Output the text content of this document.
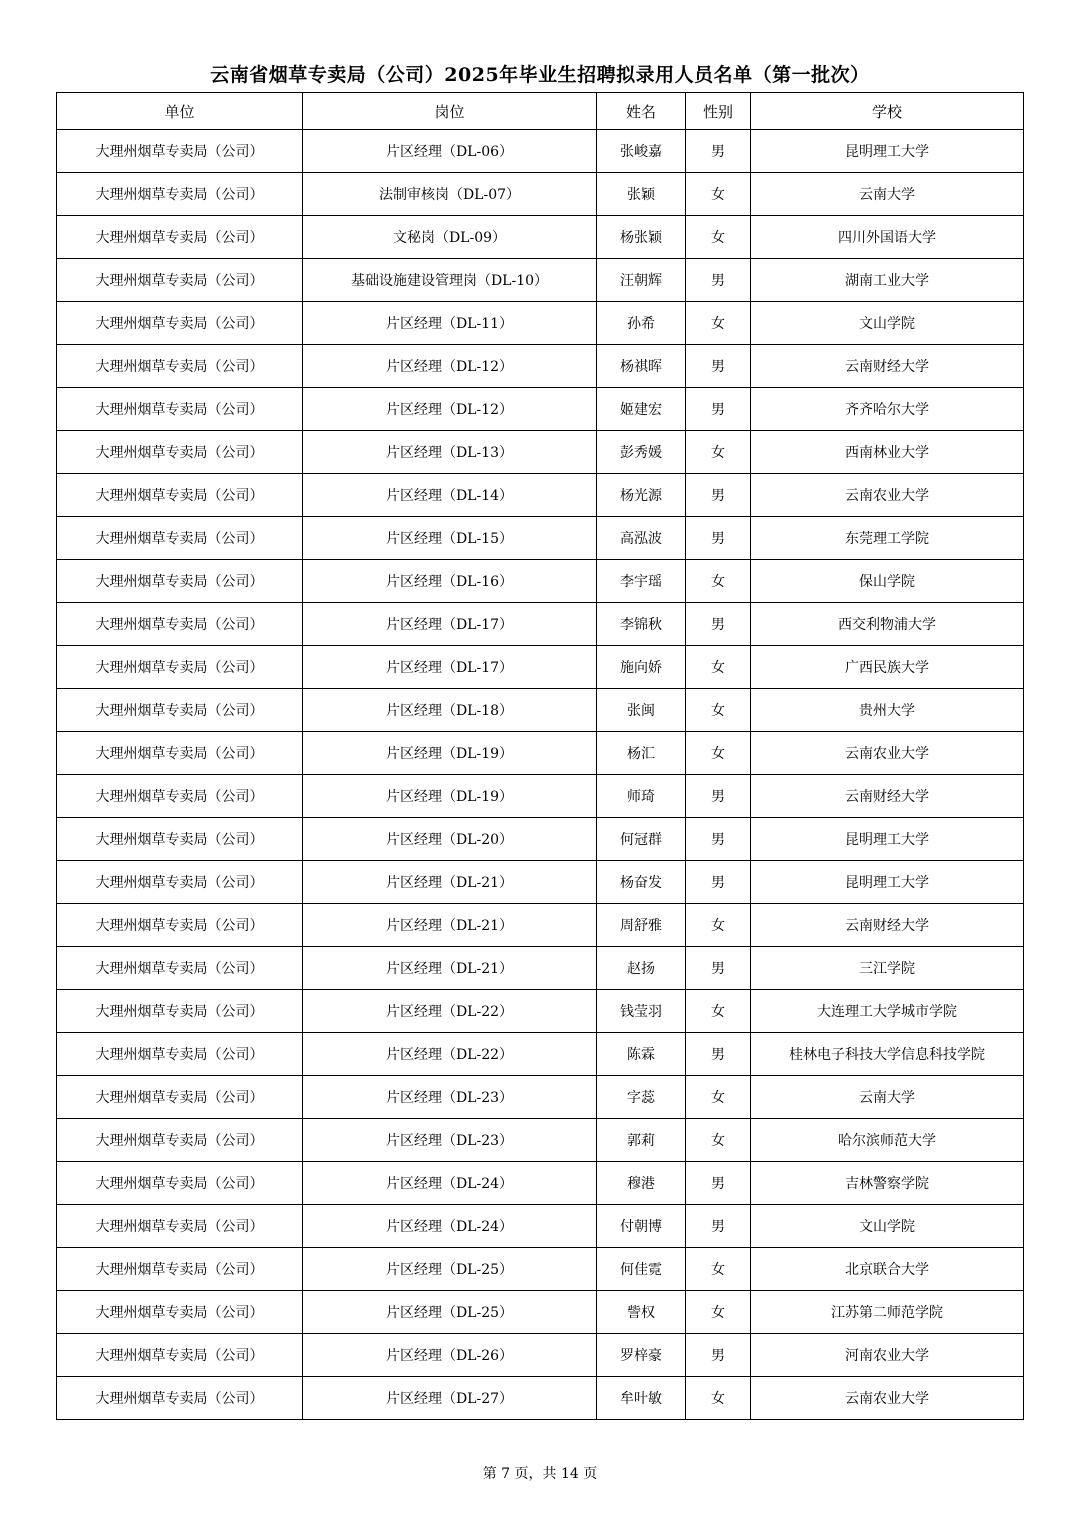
云南省烟草专卖局（公司）2025年毕业生招聘拟录用人员名单（第一批次）
单位	岗位	姓名	性别	学校
大理州烟草专卖局（公司）	片区经理（DL-06）	张峻嘉	男	昆明理工大学
大理州烟草专卖局（公司）	法制审核岗（DL-07）	张颖	女	云南大学
大理州烟草专卖局（公司）	文秘岗（DL-09）	杨张颖	女	四川外国语大学
大理州烟草专卖局（公司）	基础设施建设管理岗（DL-10）	汪朝辉	男	湖南工业大学
大理州烟草专卖局（公司）	片区经理（DL-11）	孙希	女	文山学院
大理州烟草专卖局（公司）	片区经理（DL-12）	杨祺晖	男	云南财经大学
大理州烟草专卖局（公司）	片区经理（DL-12）	姬建宏	男	齐齐哈尔大学
大理州烟草专卖局（公司）	片区经理（DL-13）	彭秀媛	女	西南林业大学
大理州烟草专卖局（公司）	片区经理（DL-14）	杨光源	男	云南农业大学
大理州烟草专卖局（公司）	片区经理（DL-15）	高泓波	男	东莞理工学院
大理州烟草专卖局（公司）	片区经理（DL-16）	李宇瑶	女	保山学院
大理州烟草专卖局（公司）	片区经理（DL-17）	李锦秋	男	西交利物浦大学
大理州烟草专卖局（公司）	片区经理（DL-17）	施向娇	女	广西民族大学
大理州烟草专卖局（公司）	片区经理（DL-18）	张闽	女	贵州大学
大理州烟草专卖局（公司）	片区经理（DL-19）	杨汇	女	云南农业大学
大理州烟草专卖局（公司）	片区经理（DL-19）	师琦	男	云南财经大学
大理州烟草专卖局（公司）	片区经理（DL-20）	何冠群	男	昆明理工大学
大理州烟草专卖局（公司）	片区经理（DL-21）	杨奋发	男	昆明理工大学
大理州烟草专卖局（公司）	片区经理（DL-21）	周舒雅	女	云南财经大学
大理州烟草专卖局（公司）	片区经理（DL-21）	赵扬	男	三江学院
大理州烟草专卖局（公司）	片区经理（DL-22）	钱莹羽	女	大连理工大学城市学院
大理州烟草专卖局（公司）	片区经理（DL-22）	陈霖	男	桂林电子科技大学信息科技学院
大理州烟草专卖局（公司）	片区经理（DL-23）	字蕊	女	云南大学
大理州烟草专卖局（公司）	片区经理（DL-23）	郭莉	女	哈尔滨师范大学
大理州烟草专卖局（公司）	片区经理（DL-24）	穆港	男	吉林警察学院
大理州烟草专卖局（公司）	片区经理（DL-24）	付朝博	男	文山学院
大理州烟草专卖局（公司）	片区经理（DL-25）	何佳霓	女	北京联合大学
大理州烟草专卖局（公司）	片区经理（DL-25）	訾权	女	江苏第二师范学院
大理州烟草专卖局（公司）	片区经理（DL-26）	罗梓豪	男	河南农业大学
大理州烟草专卖局（公司）	片区经理（DL-27）	牟叶敏	女	云南农业大学
第 7 页，共 14 页
